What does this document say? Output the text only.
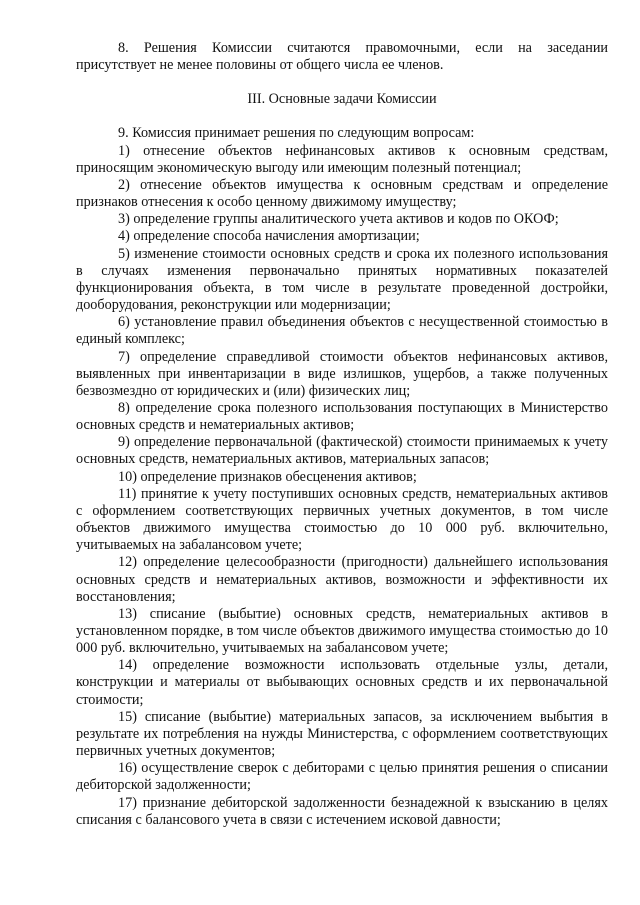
8. Решения Комиссии считаются правомочными, если на заседании присутствует не менее половины от общего числа ее членов.

III. Основные задачи Комиссии

9. Комиссия принимает решения по следующим вопросам:

1) отнесение объектов нефинансовых активов к основным средствам, приносящим экономическую выгоду или имеющим полезный потенциал;

2) отнесение объектов имущества к основным средствам и определение признаков отнесения к особо ценному движимому имуществу;

3) определение группы аналитического учета активов и кодов по ОКОФ;

4) определение способа начисления амортизации;

5) изменение стоимости основных средств и срока их полезного использования в случаях изменения первоначально принятых нормативных показателей функционирования объекта, в том числе в результате проведенной достройки, дооборудования, реконструкции или модернизации;

6) установление правил объединения объектов с несущественной стоимостью в единый комплекс;

7) определение справедливой стоимости объектов нефинансовых активов, выявленных при инвентаризации в виде излишков, ущербов, а также полученных безвозмездно от юридических и (или) физических лиц;

8) определение срока полезного использования поступающих в Министерство основных средств и нематериальных активов;

9) определение первоначальной (фактической) стоимости принимаемых к учету основных средств, нематериальных активов, материальных запасов;

10) определение признаков обесценения активов;

11) принятие к учету поступивших основных средств, нематериальных активов с оформлением соответствующих первичных учетных документов, в том числе объектов движимого имущества стоимостью до 10 000 руб. включительно, учитываемых на забалансовом учете;

12) определение целесообразности (пригодности) дальнейшего использования основных средств и нематериальных активов, возможности и эффективности их восстановления;

13) списание (выбытие) основных средств, нематериальных активов в установленном порядке, в том числе объектов движимого имущества стоимостью до 10 000 руб. включительно, учитываемых на забалансовом учете;

14) определение возможности использовать отдельные узлы, детали, конструкции и материалы от выбывающих основных средств и их первоначальной стоимости;

15) списание (выбытие) материальных запасов, за исключением выбытия в результате их потребления на нужды Министерства, с оформлением соответствующих первичных учетных документов;

16) осуществление сверок с дебиторами с целью принятия решения о списании дебиторской задолженности;

17) признание дебиторской задолженности безнадежной к взысканию в целях списания с балансового учета в связи с истечением исковой давности;
